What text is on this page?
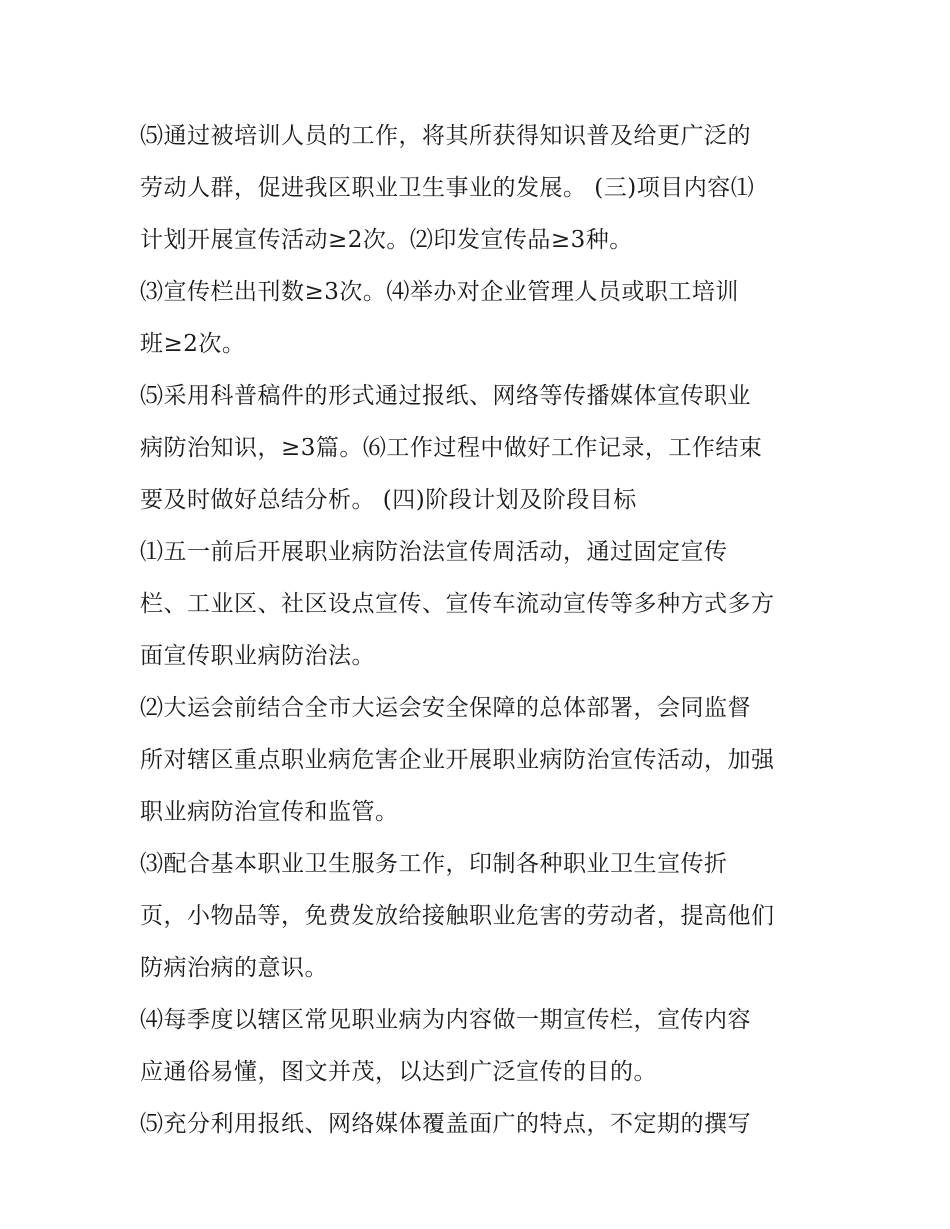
⑸通过被培训人员的工作，将其所获得知识普及给更广泛的
劳动人群，促进我区职业卫生事业的发展。 (三)项目内容⑴
计划开展宣传活动≥2次。⑵印发宣传品≥3种。
⑶宣传栏出刊数≥3次。⑷举办对企业管理人员或职工培训
班≥2次。
⑸采用科普稿件的形式通过报纸、网络等传播媒体宣传职业
病防治知识，≥3篇。⑹工作过程中做好工作记录，工作结束
要及时做好总结分析。 (四)阶段计划及阶段目标
⑴五一前后开展职业病防治法宣传周活动，通过固定宣传
栏、工业区、社区设点宣传、宣传车流动宣传等多种方式多方
面宣传职业病防治法。
⑵大运会前结合全市大运会安全保障的总体部署，会同监督
所对辖区重点职业病危害企业开展职业病防治宣传活动，加强
职业病防治宣传和监管。
⑶配合基本职业卫生服务工作，印制各种职业卫生宣传折
页，小物品等，免费发放给接触职业危害的劳动者，提高他们
防病治病的意识。
⑷每季度以辖区常见职业病为内容做一期宣传栏，宣传内容
应通俗易懂，图文并茂，以达到广泛宣传的目的。
⑸充分利用报纸、网络媒体覆盖面广的特点，不定期的撰写
